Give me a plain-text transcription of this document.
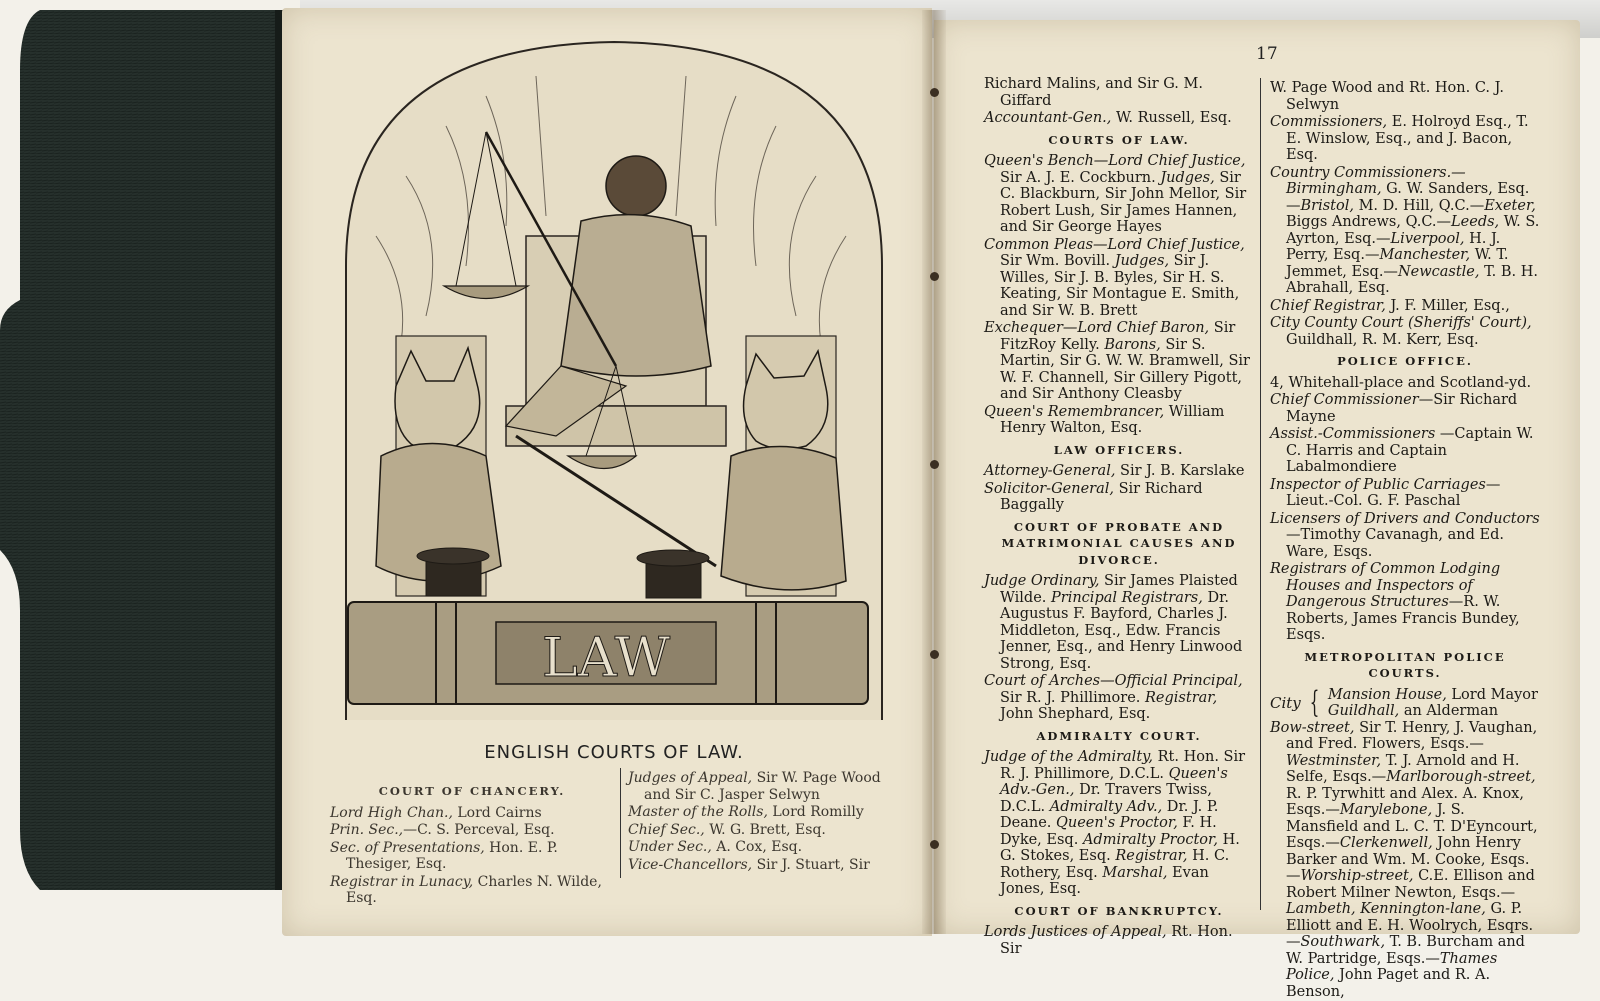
LAW
ENGLISH COURTS OF LAW.
COURT OF CHANCERY.

Lord High Chan., Lord Cairns

Prin. Sec.,—C. S. Perceval, Esq.

Sec. of Presentations, Hon. E. P. Thesiger, Esq.

Registrar in Lunacy, Charles N. Wilde, Esq.

Judges of Appeal, Sir W. Page Wood and Sir C. Jasper Selwyn

Master of the Rolls, Lord Romilly

Chief Sec., W. G. Brett, Esq.

Under Sec., A. Cox, Esq.

Vice-Chancellors, Sir J. Stuart, Sir

17

Richard Malins, and Sir G. M. Giffard

Accountant-Gen., W. Russell, Esq.

COURTS OF LAW.

Queen's Bench—Lord Chief Justice, Sir A. J. E. Cockburn. Judges, Sir C. Blackburn, Sir John Mellor, Sir Robert Lush, Sir James Hannen, and Sir George Hayes

Common Pleas—Lord Chief Justice, Sir Wm. Bovill. Judges, Sir J. Willes, Sir J. B. Byles, Sir H. S. Keating, Sir Montague E. Smith, and Sir W. B. Brett

Exchequer—Lord Chief Baron, Sir FitzRoy Kelly. Barons, Sir S. Martin, Sir G. W. W. Bramwell, Sir W. F. Channell, Sir Gillery Pigott, and Sir Anthony Cleasby

Queen's Remembrancer, William Henry Walton, Esq.

LAW OFFICERS.

Attorney-General, Sir J. B. Karslake

Solicitor-General, Sir Richard Baggally

COURT OF PROBATE AND MATRIMONIAL CAUSES AND DIVORCE.

Judge Ordinary, Sir James Plaisted Wilde. Principal Registrars, Dr. Augustus F. Bayford, Charles J. Middleton, Esq., Edw. Francis Jenner, Esq., and Henry Linwood Strong, Esq.

Court of Arches—Official Principal, Sir R. J. Phillimore. Registrar, John Shephard, Esq.

ADMIRALTY COURT.

Judge of the Admiralty, Rt. Hon. Sir R. J. Phillimore, D.C.L. Queen's Adv.-Gen., Dr. Travers Twiss, D.C.L. Admiralty Adv., Dr. J. P. Deane. Queen's Proctor, F. H. Dyke, Esq. Admiralty Proctor, H. G. Stokes, Esq. Registrar, H. C. Rothery, Esq. Marshal, Evan Jones, Esq.

COURT OF BANKRUPTCY.

Lords Justices of Appeal, Rt. Hon. Sir

W. Page Wood and Rt. Hon. C. J. Selwyn

Commissioners, E. Holroyd Esq., T. E. Winslow, Esq., and J. Bacon, Esq.

Country Commissioners.—Birmingham, G. W. Sanders, Esq.—Bristol, M. D. Hill, Q.C.—Exeter, Biggs Andrews, Q.C.—Leeds, W. S. Ayrton, Esq.—Liverpool, H. J. Perry, Esq.—Manchester, W. T. Jemmet, Esq.—Newcastle, T. B. H. Abrahall, Esq.

Chief Registrar, J. F. Miller, Esq.,

City County Court (Sheriffs' Court), Guildhall, R. M. Kerr, Esq.

POLICE OFFICE.

4, Whitehall-place and Scotland-yd.

Chief Commissioner—Sir Richard Mayne

Assist.-Commissioners —Captain W. C. Harris and Captain Labalmondiere

Inspector of Public Carriages—Lieut.-Col. G. F. Paschal

Licensers of Drivers and Conductors—Timothy Cavanagh, and Ed. Ware, Esqs.

Registrars of Common Lodging Houses and Inspectors of Dangerous Structures—R. W. Roberts, James Francis Bundey, Esqs.

METROPOLITAN POLICE COURTS.
City { Mansion House, Lord Mayor
Guildhall, an Alderman

Bow-street, Sir T. Henry, J. Vaughan, and Fred. Flowers, Esqs.—Westminster, T. J. Arnold and H. Selfe, Esqs.—Marlborough-street, R. P. Tyrwhitt and Alex. A. Knox, Esqs.—Marylebone, J. S. Mansfield and L. C. T. D'Eyncourt, Esqs.—Clerkenwell, John Henry Barker and Wm. M. Cooke, Esqs.—Worship-street, C.E. Ellison and Robert Milner Newton, Esqs.—Lambeth, Kennington-lane, G. P. Elliott and E. H. Woolrych, Esqrs.—Southwark, T. B. Burcham and W. Partridge, Esqs.—Thames Police, John Paget and R. A. Benson,
